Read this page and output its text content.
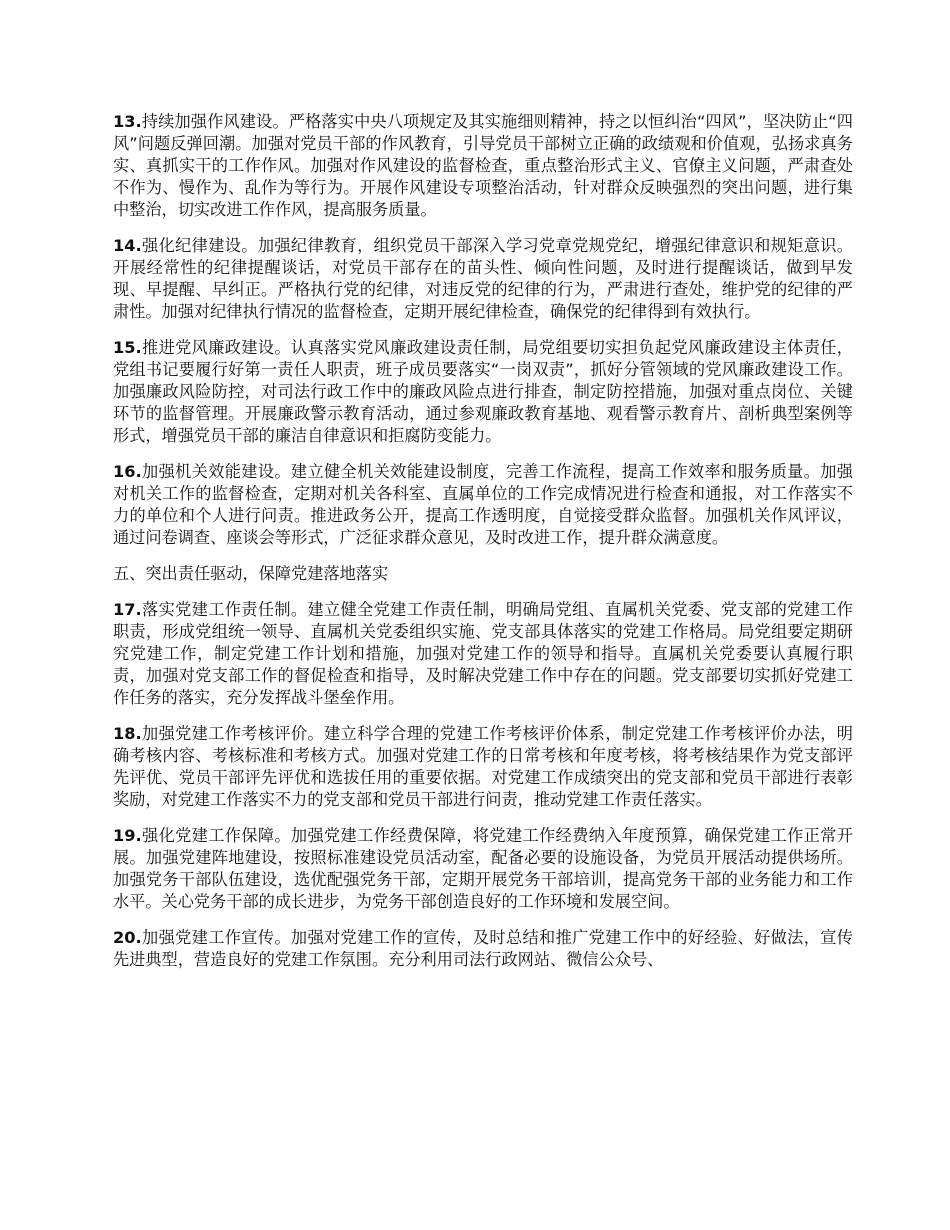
13.持续加强作风建设。严格落实中央八项规定及其实施细则精神，持之以恒纠治“四风”，坚决防止“四风”问题反弹回潮。加强对党员干部的作风教育，引导党员干部树立正确的政绩观和价值观，弘扬求真务实、真抓实干的工作作风。加强对作风建设的监督检查，重点整治形式主义、官僚主义问题，严肃查处不作为、慢作为、乱作为等行为。开展作风建设专项整治活动，针对群众反映强烈的突出问题，进行集中整治，切实改进工作作风，提高服务质量。

14.强化纪律建设。加强纪律教育，组织党员干部深入学习党章党规党纪，增强纪律意识和规矩意识。开展经常性的纪律提醒谈话，对党员干部存在的苗头性、倾向性问题，及时进行提醒谈话，做到早发现、早提醒、早纠正。严格执行党的纪律，对违反党的纪律的行为，严肃进行查处，维护党的纪律的严肃性。加强对纪律执行情况的监督检查，定期开展纪律检查，确保党的纪律得到有效执行。

15.推进党风廉政建设。认真落实党风廉政建设责任制，局党组要切实担负起党风廉政建设主体责任，党组书记要履行好第一责任人职责，班子成员要落实“一岗双责”，抓好分管领域的党风廉政建设工作。加强廉政风险防控，对司法行政工作中的廉政风险点进行排查，制定防控措施，加强对重点岗位、关键环节的监督管理。开展廉政警示教育活动，通过参观廉政教育基地、观看警示教育片、剖析典型案例等形式，增强党员干部的廉洁自律意识和拒腐防变能力。

16.加强机关效能建设。建立健全机关效能建设制度，完善工作流程，提高工作效率和服务质量。加强对机关工作的监督检查，定期对机关各科室、直属单位的工作完成情况进行检查和通报，对工作落实不力的单位和个人进行问责。推进政务公开，提高工作透明度，自觉接受群众监督。加强机关作风评议，通过问卷调查、座谈会等形式，广泛征求群众意见，及时改进工作，提升群众满意度。

五、突出责任驱动，保障党建落地落实

17.落实党建工作责任制。建立健全党建工作责任制，明确局党组、直属机关党委、党支部的党建工作职责，形成党组统一领导、直属机关党委组织实施、党支部具体落实的党建工作格局。局党组要定期研究党建工作，制定党建工作计划和措施，加强对党建工作的领导和指导。直属机关党委要认真履行职责，加强对党支部工作的督促检查和指导，及时解决党建工作中存在的问题。党支部要切实抓好党建工作任务的落实，充分发挥战斗堡垒作用。

18.加强党建工作考核评价。建立科学合理的党建工作考核评价体系，制定党建工作考核评价办法，明确考核内容、考核标准和考核方式。加强对党建工作的日常考核和年度考核，将考核结果作为党支部评先评优、党员干部评先评优和选拔任用的重要依据。对党建工作成绩突出的党支部和党员干部进行表彰奖励，对党建工作落实不力的党支部和党员干部进行问责，推动党建工作责任落实。

19.强化党建工作保障。加强党建工作经费保障，将党建工作经费纳入年度预算，确保党建工作正常开展。加强党建阵地建设，按照标准建设党员活动室，配备必要的设施设备，为党员开展活动提供场所。加强党务干部队伍建设，选优配强党务干部，定期开展党务干部培训，提高党务干部的业务能力和工作水平。关心党务干部的成长进步，为党务干部创造良好的工作环境和发展空间。

20.加强党建工作宣传。加强对党建工作的宣传，及时总结和推广党建工作中的好经验、好做法，宣传先进典型，营造良好的党建工作氛围。充分利用司法行政网站、微信公众号、
